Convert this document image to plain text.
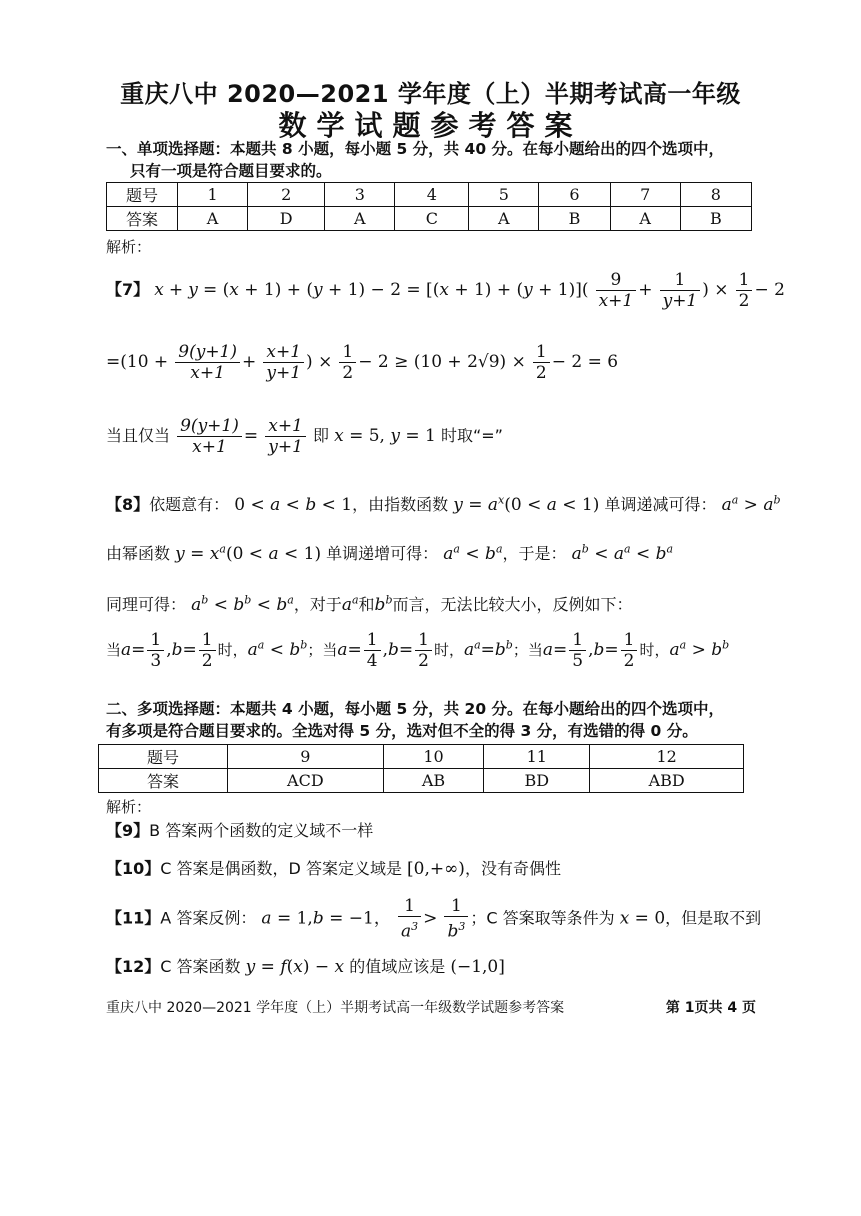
重庆八中 2020—2021 学年度（上）半期考试高一年级
数学试题参考答案
一、单项选择题：本题共 8 小题，每小题 5 分，共 40 分。在每小题给出的四个选项中，
只有一项是符合题目要求的。
题号	1	2	3	4	5	6	7	8
答案	A	D	A	C	A	B	A	B
解析：
【7】 $x + y = (x + 1) + (y + 1) - 2 = [(x + 1) + (y + 1)]( \frac{9}{x+1} + \frac{1}{y+1}$ ) × $\frac{1}{2} - 2$
$=(10 + \frac{9(y+1)}{x+1} + \frac{x+1}{y+1}$ ) × $\frac{1}{2} - 2 \ge (10 + 2√9) \times \frac{1}{2} - 2 = 6$
当且仅当 $\frac{9(y+1)}{x+1} = \frac{x+1}{y+1}$ 即 x = 5, y = 1 时取“=”
【8】依题意有： 0 < a < b < 1，由指数函数 $y = a^x(0 < a < 1)$ 单调递减可得： $a^a > a^b$
由幂函数 $y = x^a(0 < a < 1)$ 单调递增可得： $a^a < b^a$，于是： $a^b < a^a < b^a$
同理可得： $a^b < b^b < b^a$，对于$a^a$和$b^b$而言，无法比较大小，反例如下：
当$a= \frac{1}{3} ,b= \frac{1}{2}$ 时，$a^a < b^b$；当$a= \frac{1}{4} ,b= \frac{1}{2}$ 时，$a^a=b^b$；当$a= \frac{1}{5} ,b= \frac{1}{2}$ 时，$a^a > b^b$
二、多项选择题：本题共 4 小题，每小题 5 分，共 20 分。在每小题给出的四个选项中，
有多项是符合题目要求的。全选对得 5 分，选对但不全的得 3 分，有选错的得 0 分。
题号	9	10	11	12
答案	ACD	AB	BD	ABD
解析：
【9】B 答案两个函数的定义域不一样
【10】C 答案是偶函数，D 答案定义域是 [0,+∞)，没有奇偶性
【11】A 答案反例： a = 1,b = −1， $\frac{1}{a^3} > \frac{1}{b^3}$ ；C 答案取等条件为 x = 0，但是取不到
【12】C 答案函数 y = f(x) − x 的值域应该是 (−1,0]
重庆八中 2020—2021 学年度（上）半期考试高一年级数学试题参考答案	第 1页共 4 页
